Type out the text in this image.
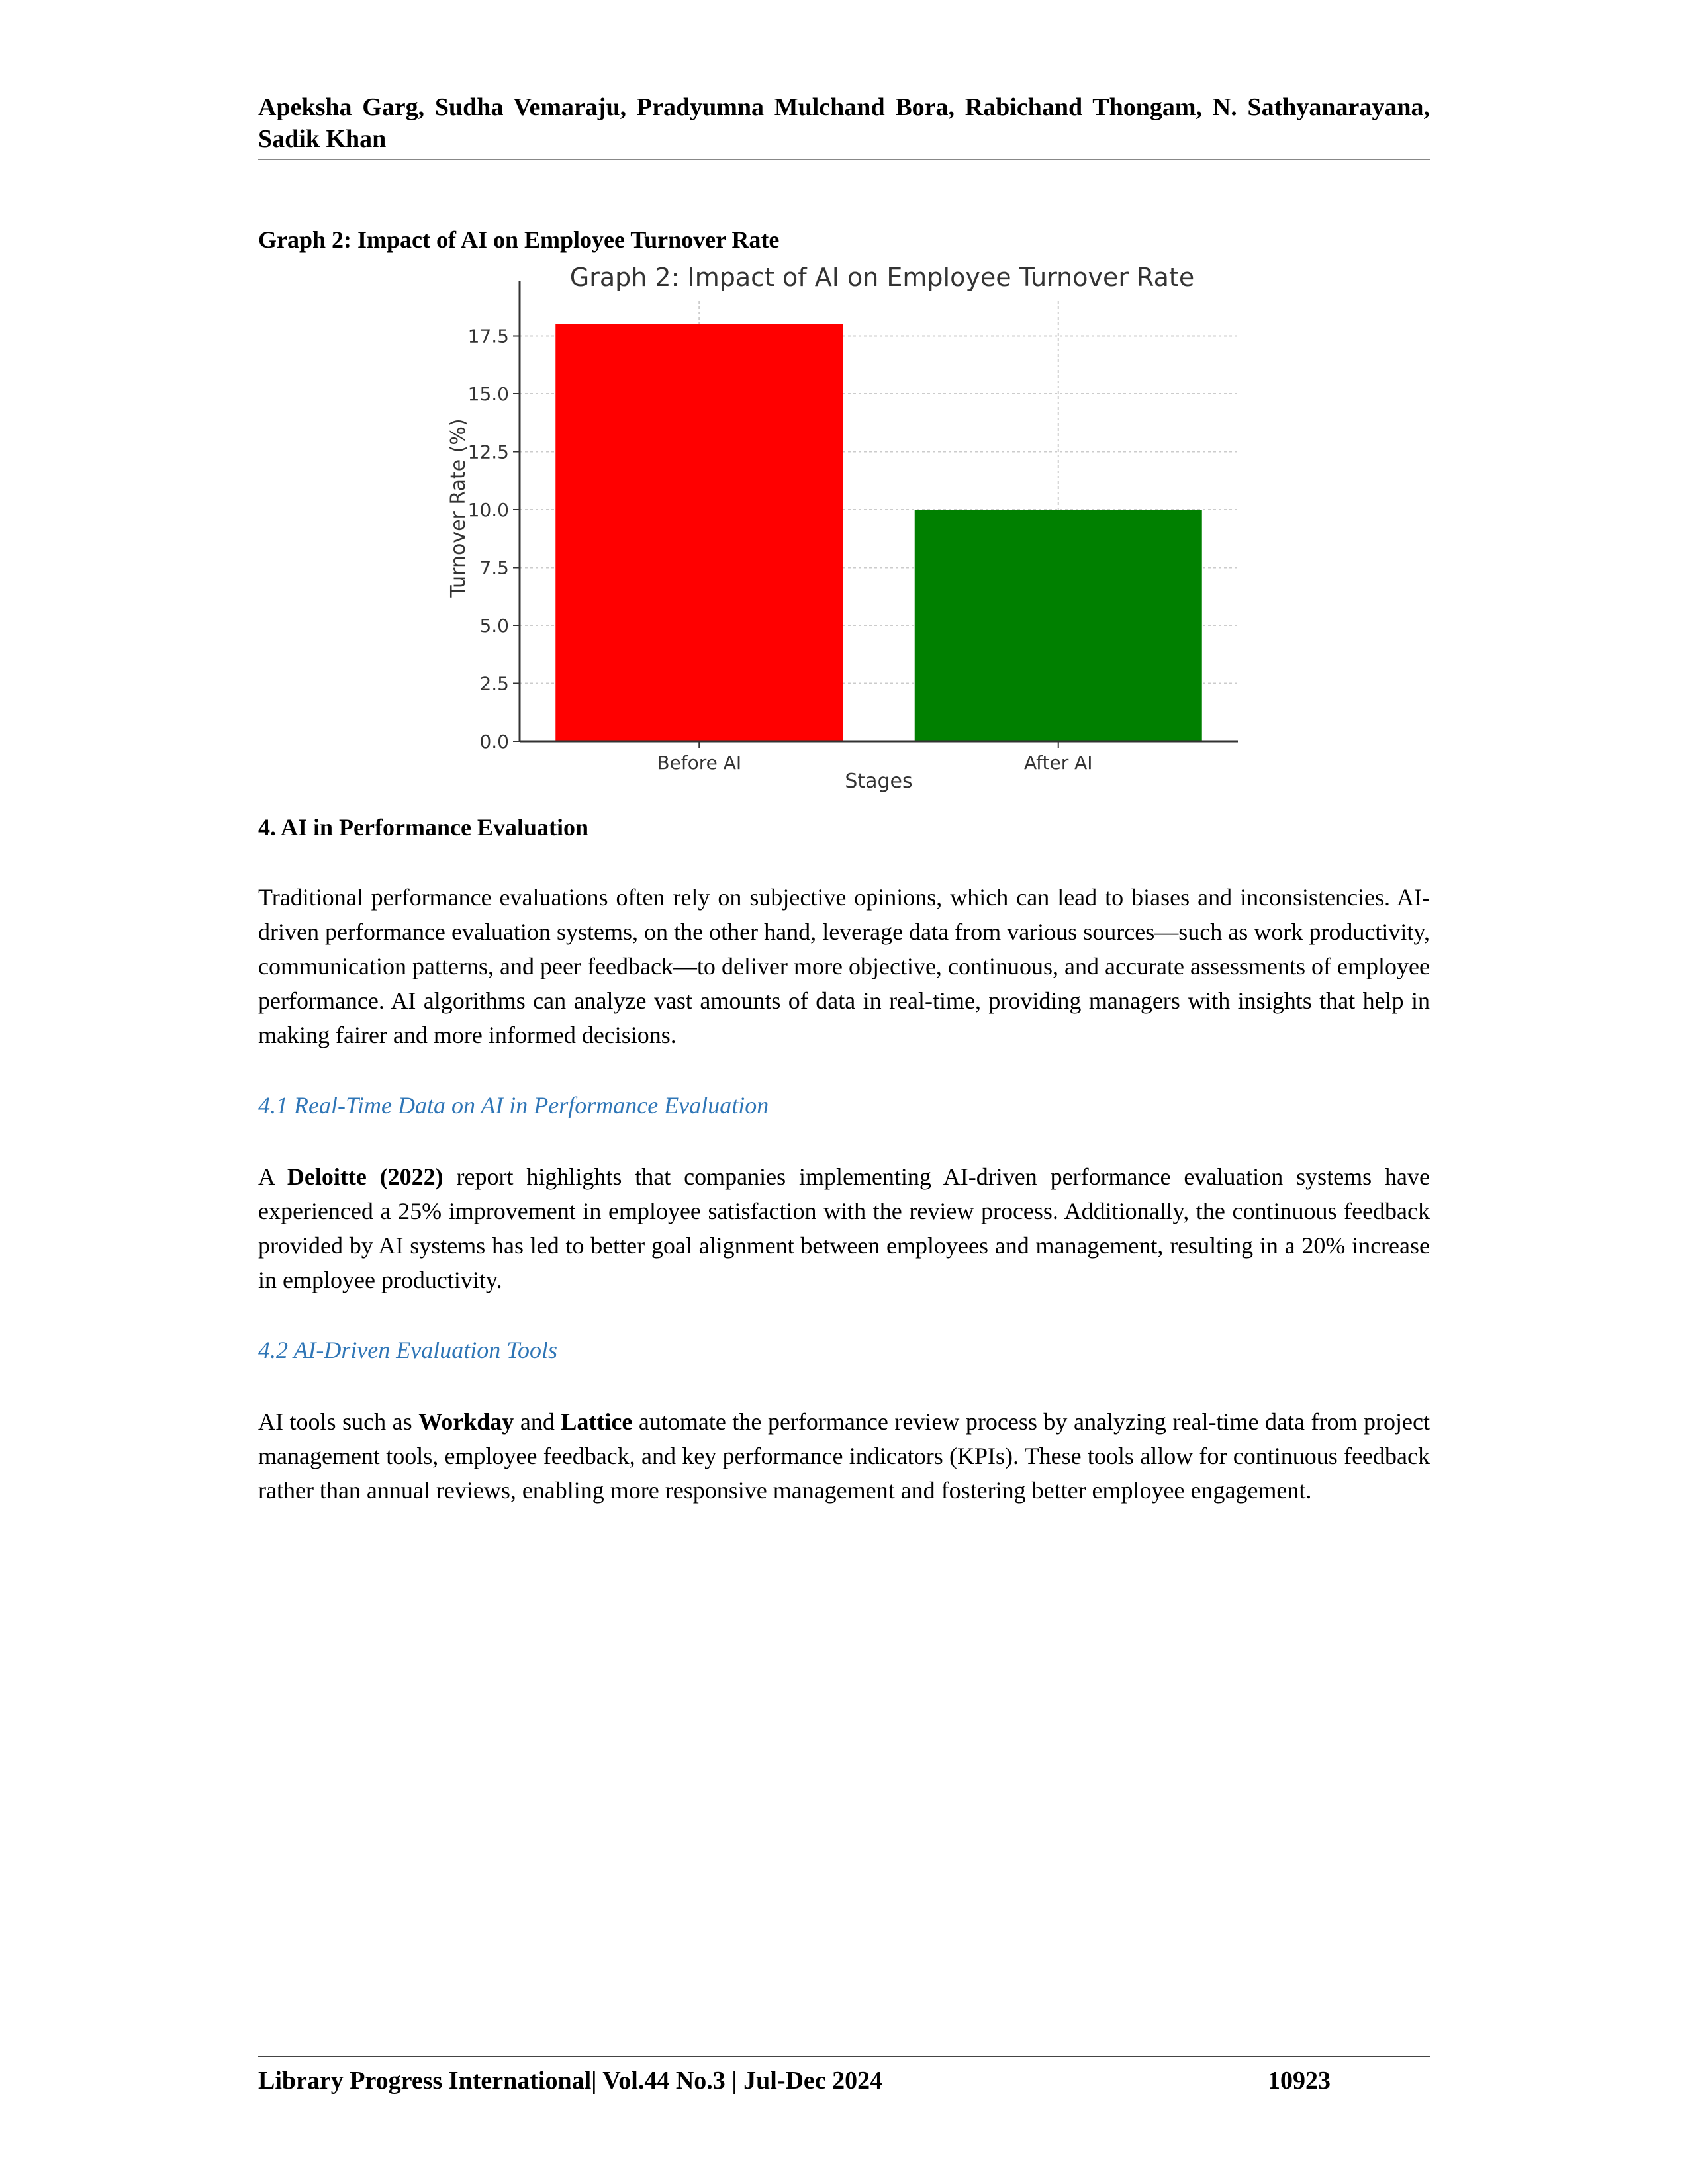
Apeksha Garg, Sudha Vemaraju, Pradyumna Mulchand Bora, Rabichand Thongam, N. Sathyanarayana, Sadik Khan

Graph 2: Impact of AI on Employee Turnover Rate

0.0
2.5
5.0
7.5
10.0
12.5
15.0
17.5
Before AI	After AI
Graph 2: Impact of AI on Employee Turnover Rate
Stages
Turnover Rate (%)

4. AI in Performance Evaluation

Traditional performance evaluations often rely on subjective opinions, which can lead to biases and inconsistencies. AI-driven performance evaluation systems, on the other hand, leverage data from various sources—such as work productivity, communication patterns, and peer feedback—to deliver more objective, continuous, and accurate assessments of employee performance. AI algorithms can analyze vast amounts of data in real-time, providing managers with insights that help in making fairer and more informed decisions.

4.1 Real-Time Data on AI in Performance Evaluation

A Deloitte (2022) report highlights that companies implementing AI-driven performance evaluation systems have experienced a 25% improvement in employee satisfaction with the review process. Additionally, the continuous feedback provided by AI systems has led to better goal alignment between employees and management, resulting in a 20% increase in employee productivity.

4.2 AI-Driven Evaluation Tools

AI tools such as Workday and Lattice automate the performance review process by analyzing real-time data from project management tools, employee feedback, and key performance indicators (KPIs). These tools allow for continuous feedback rather than annual reviews, enabling more responsive management and fostering better employee engagement.

Library Progress International| Vol.44 No.3 | Jul-Dec 2024	10923
